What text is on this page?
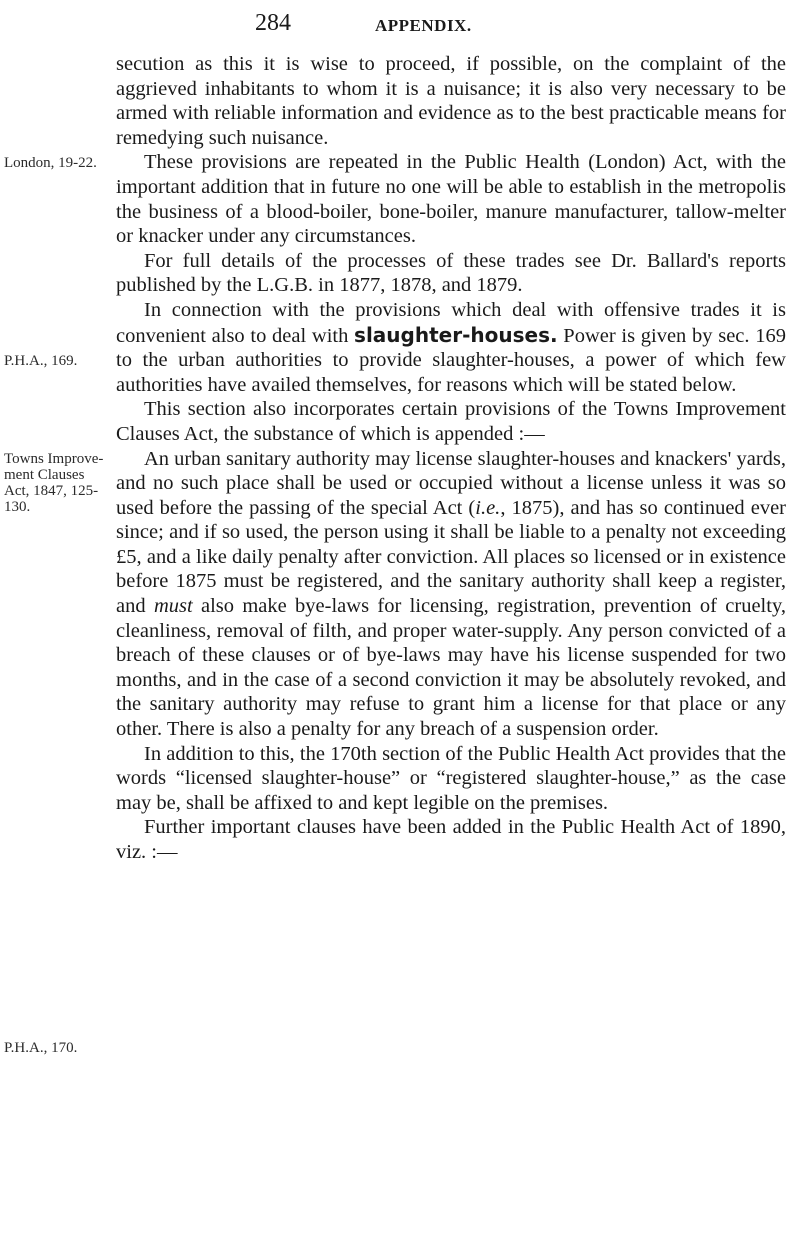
284	APPENDIX.
London, 19-22.
P.H.A., 169.
Towns Improve- ment Clauses Act, 1847, 125-130.
P.H.A., 170.

secution as this it is wise to proceed, if possible, on the complaint of the aggrieved inhabitants to whom it is a nuisance; it is also very necessary to be armed with reliable information and evidence as to the best practicable means for remedying such nuisance.

These provisions are repeated in the Public Health (London) Act, with the important addition that in future no one will be able to establish in the metropolis the business of a blood-boiler, bone-boiler, manure manufacturer, tallow-melter or knacker under any circumstances.

For full details of the processes of these trades see Dr. Ballard's reports published by the L.G.B. in 1877, 1878, and 1879.

In connection with the provisions which deal with offensive trades it is convenient also to deal with slaughter-houses. Power is given by sec. 169 to the urban authorities to provide slaughter-houses, a power of which few authorities have availed themselves, for reasons which will be stated below.

This section also incorporates certain provisions of the Towns Improvement Clauses Act, the substance of which is appended :—

An urban sanitary authority may license slaughter-houses and knackers' yards, and no such place shall be used or occupied without a license unless it was so used before the passing of the special Act (i.e., 1875), and has so continued ever since; and if so used, the person using it shall be liable to a penalty not exceeding £5, and a like daily penalty after conviction. All places so licensed or in existence before 1875 must be registered, and the sanitary authority shall keep a register, and must also make bye-laws for licensing, registration, prevention of cruelty, cleanliness, removal of filth, and proper water-supply. Any person convicted of a breach of these clauses or of bye-laws may have his license suspended for two months, and in the case of a second conviction it may be absolutely revoked, and the sanitary authority may refuse to grant him a license for that place or any other. There is also a penalty for any breach of a suspension order.

In addition to this, the 170th section of the Public Health Act provides that the words “licensed slaughter-house” or “registered slaughter-house,” as the case may be, shall be affixed to and kept legible on the premises.

Further important clauses have been added in the Public Health Act of 1890, viz. :—
